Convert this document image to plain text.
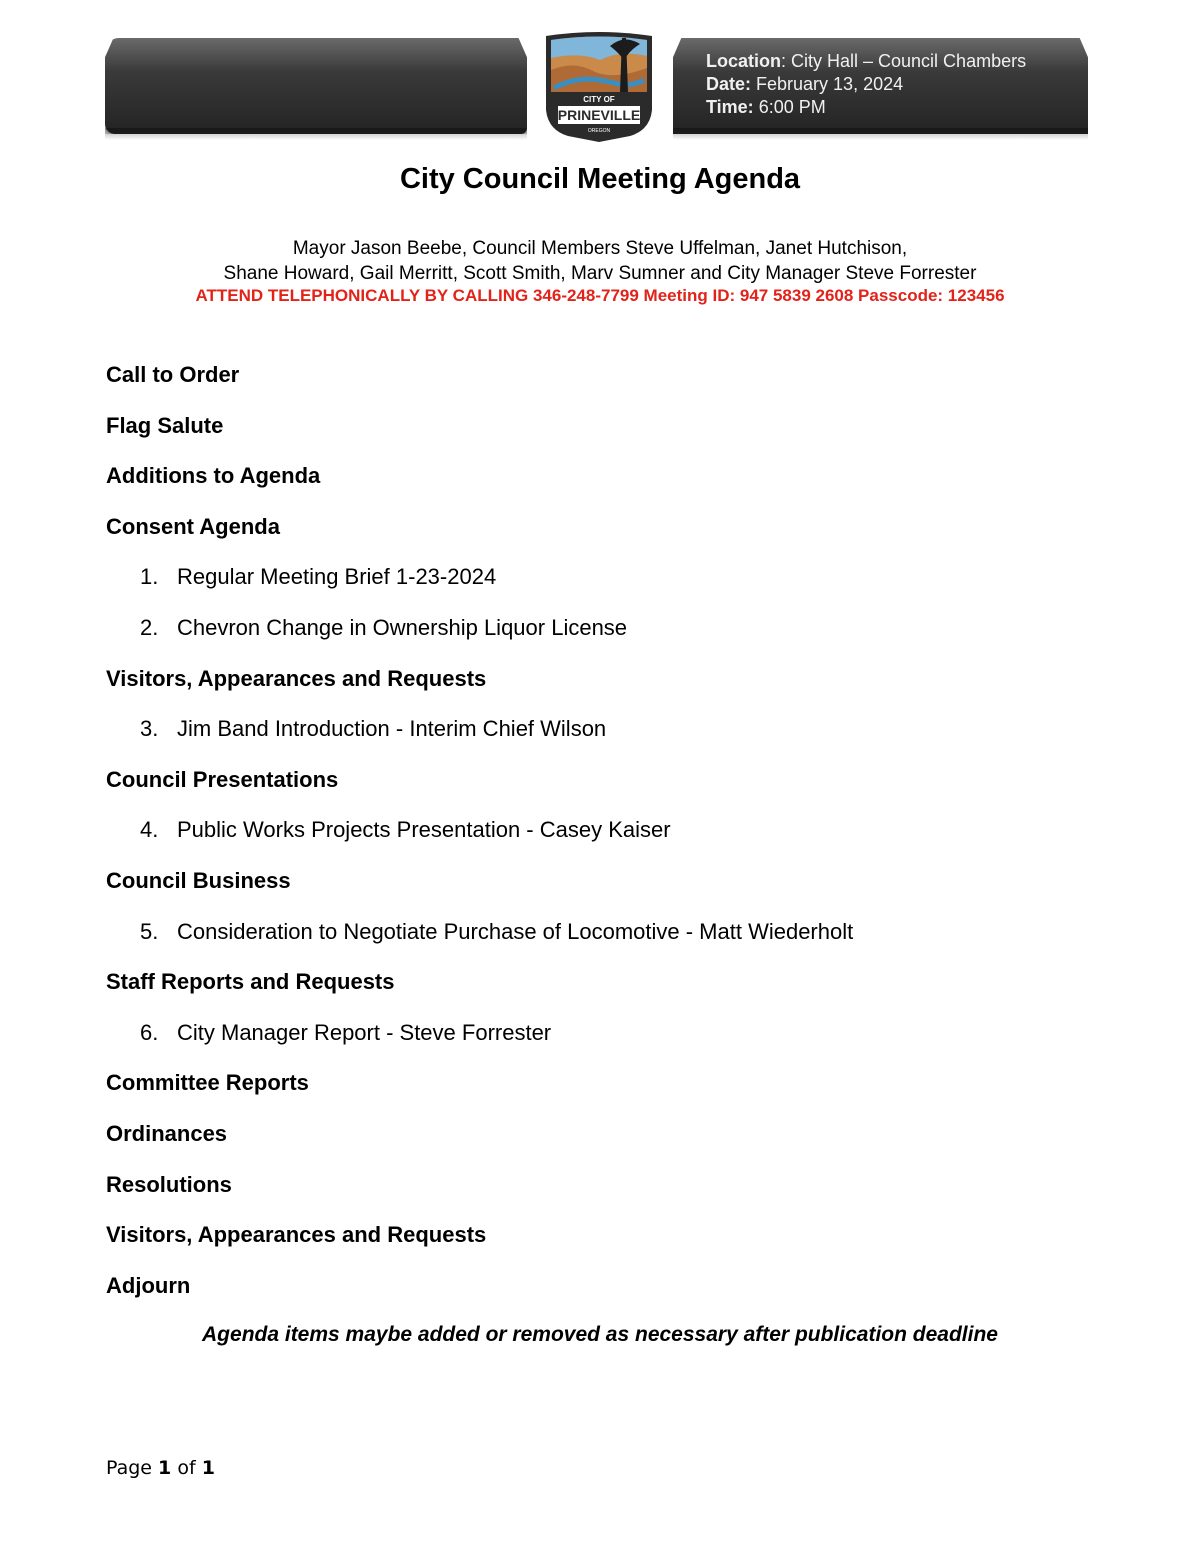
Location: City Hall – Council Chambers
Date: February 13, 2024
Time: 6:00 PM
CITY OF
PRINEVILLE
OREGON
City Council Meeting Agenda
Mayor Jason Beebe, Council Members Steve Uffelman, Janet Hutchison,
Shane Howard, Gail Merritt, Scott Smith, Marv Sumner and City Manager Steve Forrester
ATTEND TELEPHONICALLY BY CALLING 346-248-7799 Meeting ID: 947 5839 2608 Passcode: 123456
Call to Order
Flag Salute
Additions to Agenda
Consent Agenda
1. Regular Meeting Brief 1-23-2024
2. Chevron Change in Ownership Liquor License
Visitors, Appearances and Requests
3. Jim Band Introduction - Interim Chief Wilson
Council Presentations
4. Public Works Projects Presentation - Casey Kaiser
Council Business
5. Consideration to Negotiate Purchase of Locomotive - Matt Wiederholt
Staff Reports and Requests
6. City Manager Report - Steve Forrester
Committee Reports
Ordinances
Resolutions
Visitors, Appearances and Requests
Adjourn
Agenda items maybe added or removed as necessary after publication deadline
Page 1 of 1
